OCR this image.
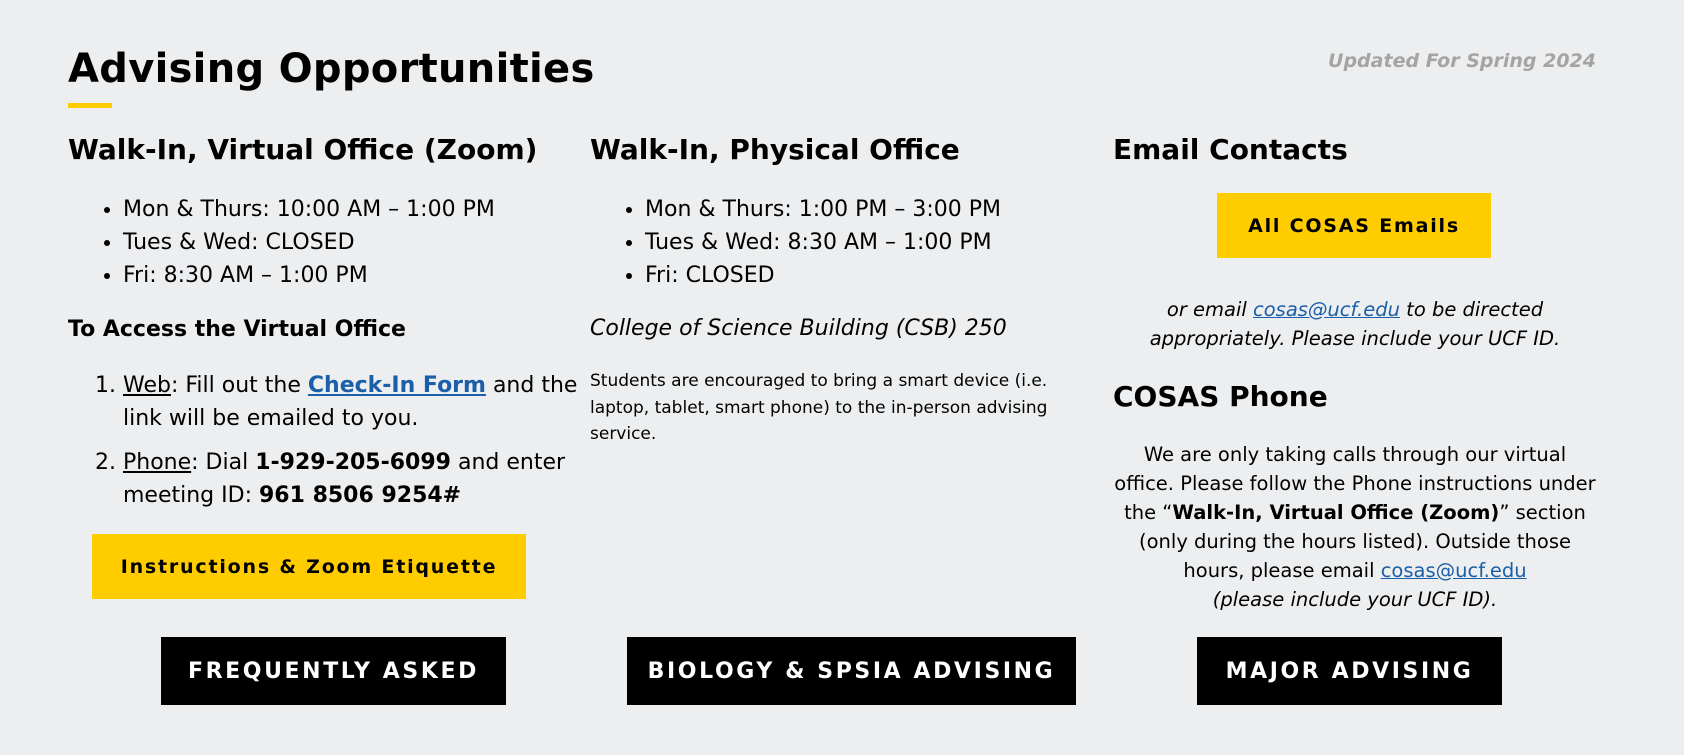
Advising Opportunities	Updated For Spring 2024
Walk-In, Virtual Office (Zoom)
• Mon & Thurs: 10:00 AM – 1:00 PM
• Tues & Wed: CLOSED
• Fri: 8:30 AM – 1:00 PM
To Access the Virtual Office
1. Web: Fill out the Check-In Form and the link will be emailed to you.
2. Phone: Dial 1-929-205-6099 and enter meeting ID: 961 8506 9254#
Instructions & Zoom Etiquette
Walk-In, Physical Office
• Mon & Thurs: 1:00 PM – 3:00 PM
• Tues & Wed: 8:30 AM – 1:00 PM
• Fri: CLOSED

College of Science Building (CSB) 250

Students are encouraged to bring a smart device (i.e. laptop, tablet, smart phone) to the in-person advising service.

Email Contacts
All COSAS Emails

or email cosas@ucf.edu to be directed appropriately. Please include your UCF ID.

COSAS Phone

We are only taking calls through our virtual office. Please follow the Phone instructions under the “Walk-In, Virtual Office (Zoom)” section (only during the hours listed). Outside those hours, please email cosas@ucf.edu
(please include your UCF ID).

FREQUENTLY ASKED	BIOLOGY & SPSIA ADVISING	MAJOR ADVISING
